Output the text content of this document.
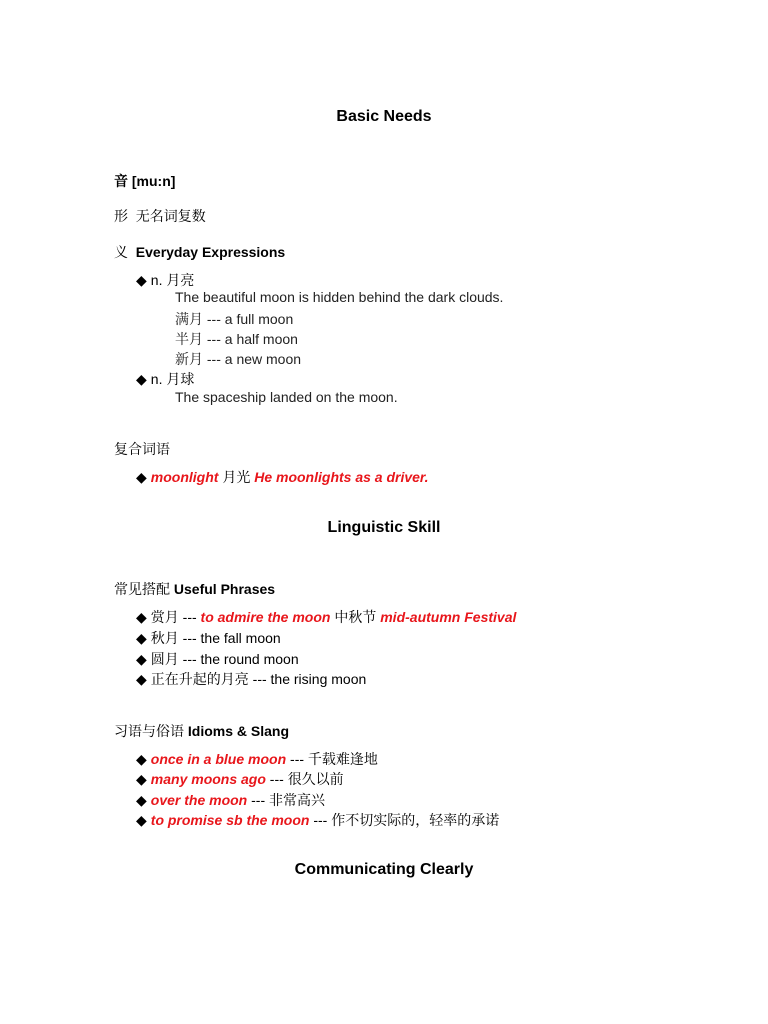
Basic Needs
音 [mu:n]
形 无名词复数
义 Everyday Expressions
◆ n. 月亮
The beautiful moon is hidden behind the dark clouds.
满月 --- a full moon
半月 --- a half moon
新月 --- a new moon
◆ n. 月球
The spaceship landed on the moon.
复合词语
◆ moonlight 月光 He moonlights as a driver.
Linguistic Skill
常见搭配 Useful Phrases
◆ 赏月 --- to admire the moon 中秋节 mid-autumn Festival
◆ 秋月 --- the fall moon
◆ 圆月 --- the round moon
◆ 正在升起的月亮 --- the rising moon
习语与俗语 Idioms & Slang
◆ once in a blue moon --- 千载难逢地
◆ many moons ago --- 很久以前
◆ over the moon --- 非常高兴
◆ to promise sb the moon --- 作不切实际的，轻率的承诺
Communicating Clearly
